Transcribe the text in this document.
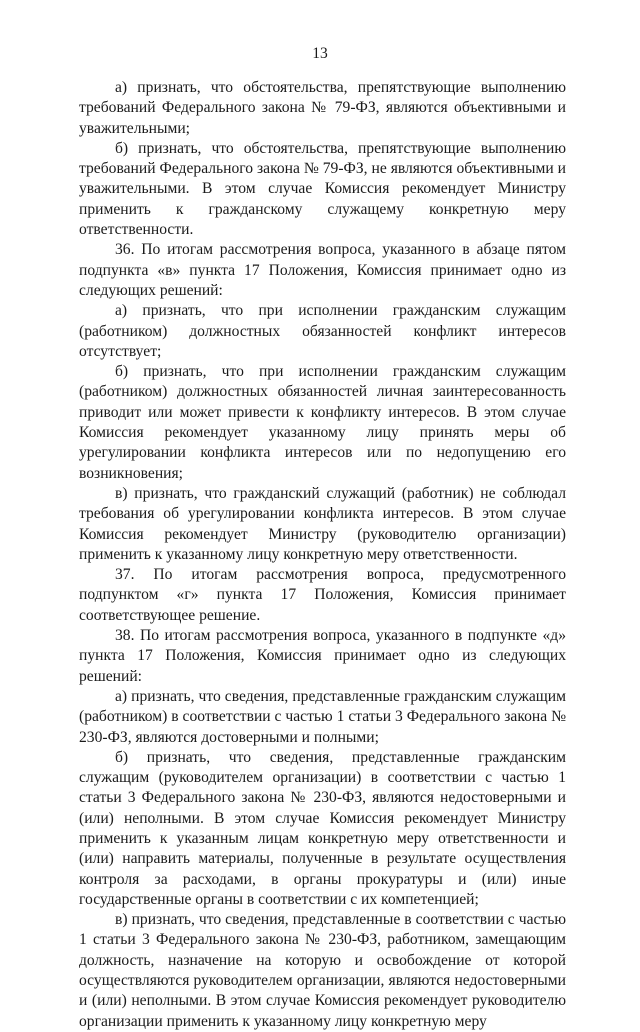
13

а) признать, что обстоятельства, препятствующие выполнению требований Федерального закона № 79-ФЗ, являются объективными и уважительными;

б) признать, что обстоятельства, препятствующие выполнению требований Федерального закона № 79-ФЗ, не являются объективными и уважительными. В этом случае Комиссия рекомендует Министру применить к гражданскому служащему конкретную меру ответственности.

36. По итогам рассмотрения вопроса, указанного в абзаце пятом подпункта «в» пункта 17 Положения, Комиссия принимает одно из следующих решений:

а) признать, что при исполнении гражданским служащим (работником) должностных обязанностей конфликт интересов отсутствует;

б) признать, что при исполнении гражданским служащим (работником) должностных обязанностей личная заинтересованность приводит или может привести к конфликту интересов. В этом случае Комиссия рекомендует указанному лицу принять меры об урегулировании конфликта интересов или по недопущению его возникновения;

в) признать, что гражданский служащий (работник) не соблюдал требования об урегулировании конфликта интересов. В этом случае Комиссия рекомендует Министру (руководителю организации) применить к указанному лицу конкретную меру ответственности.

37. По итогам рассмотрения вопроса, предусмотренного подпунктом «г» пункта 17 Положения, Комиссия принимает соответствующее решение.

38. По итогам рассмотрения вопроса, указанного в подпункте «д» пункта 17 Положения, Комиссия принимает одно из следующих решений:

а) признать, что сведения, представленные гражданским служащим (работником) в соответствии с частью 1 статьи 3 Федерального закона № 230-ФЗ, являются достоверными и полными;

б) признать, что сведения, представленные гражданским служащим (руководителем организации) в соответствии с частью 1 статьи 3 Федерального закона № 230-ФЗ, являются недостоверными и (или) неполными. В этом случае Комиссия рекомендует Министру применить к указанным лицам конкретную меру ответственности и (или) направить материалы, полученные в результате осуществления контроля за расходами, в органы прокуратуры и (или) иные государственные органы в соответствии с их компетенцией;

в) признать, что сведения, представленные в соответствии с частью 1 статьи 3 Федерального закона № 230-ФЗ, работником, замещающим должность, назначение на которую и освобождение от которой осуществляются руководителем организации, являются недостоверными и (или) неполными. В этом случае Комиссия рекомендует руководителю организации применить к указанному лицу конкретную меру
